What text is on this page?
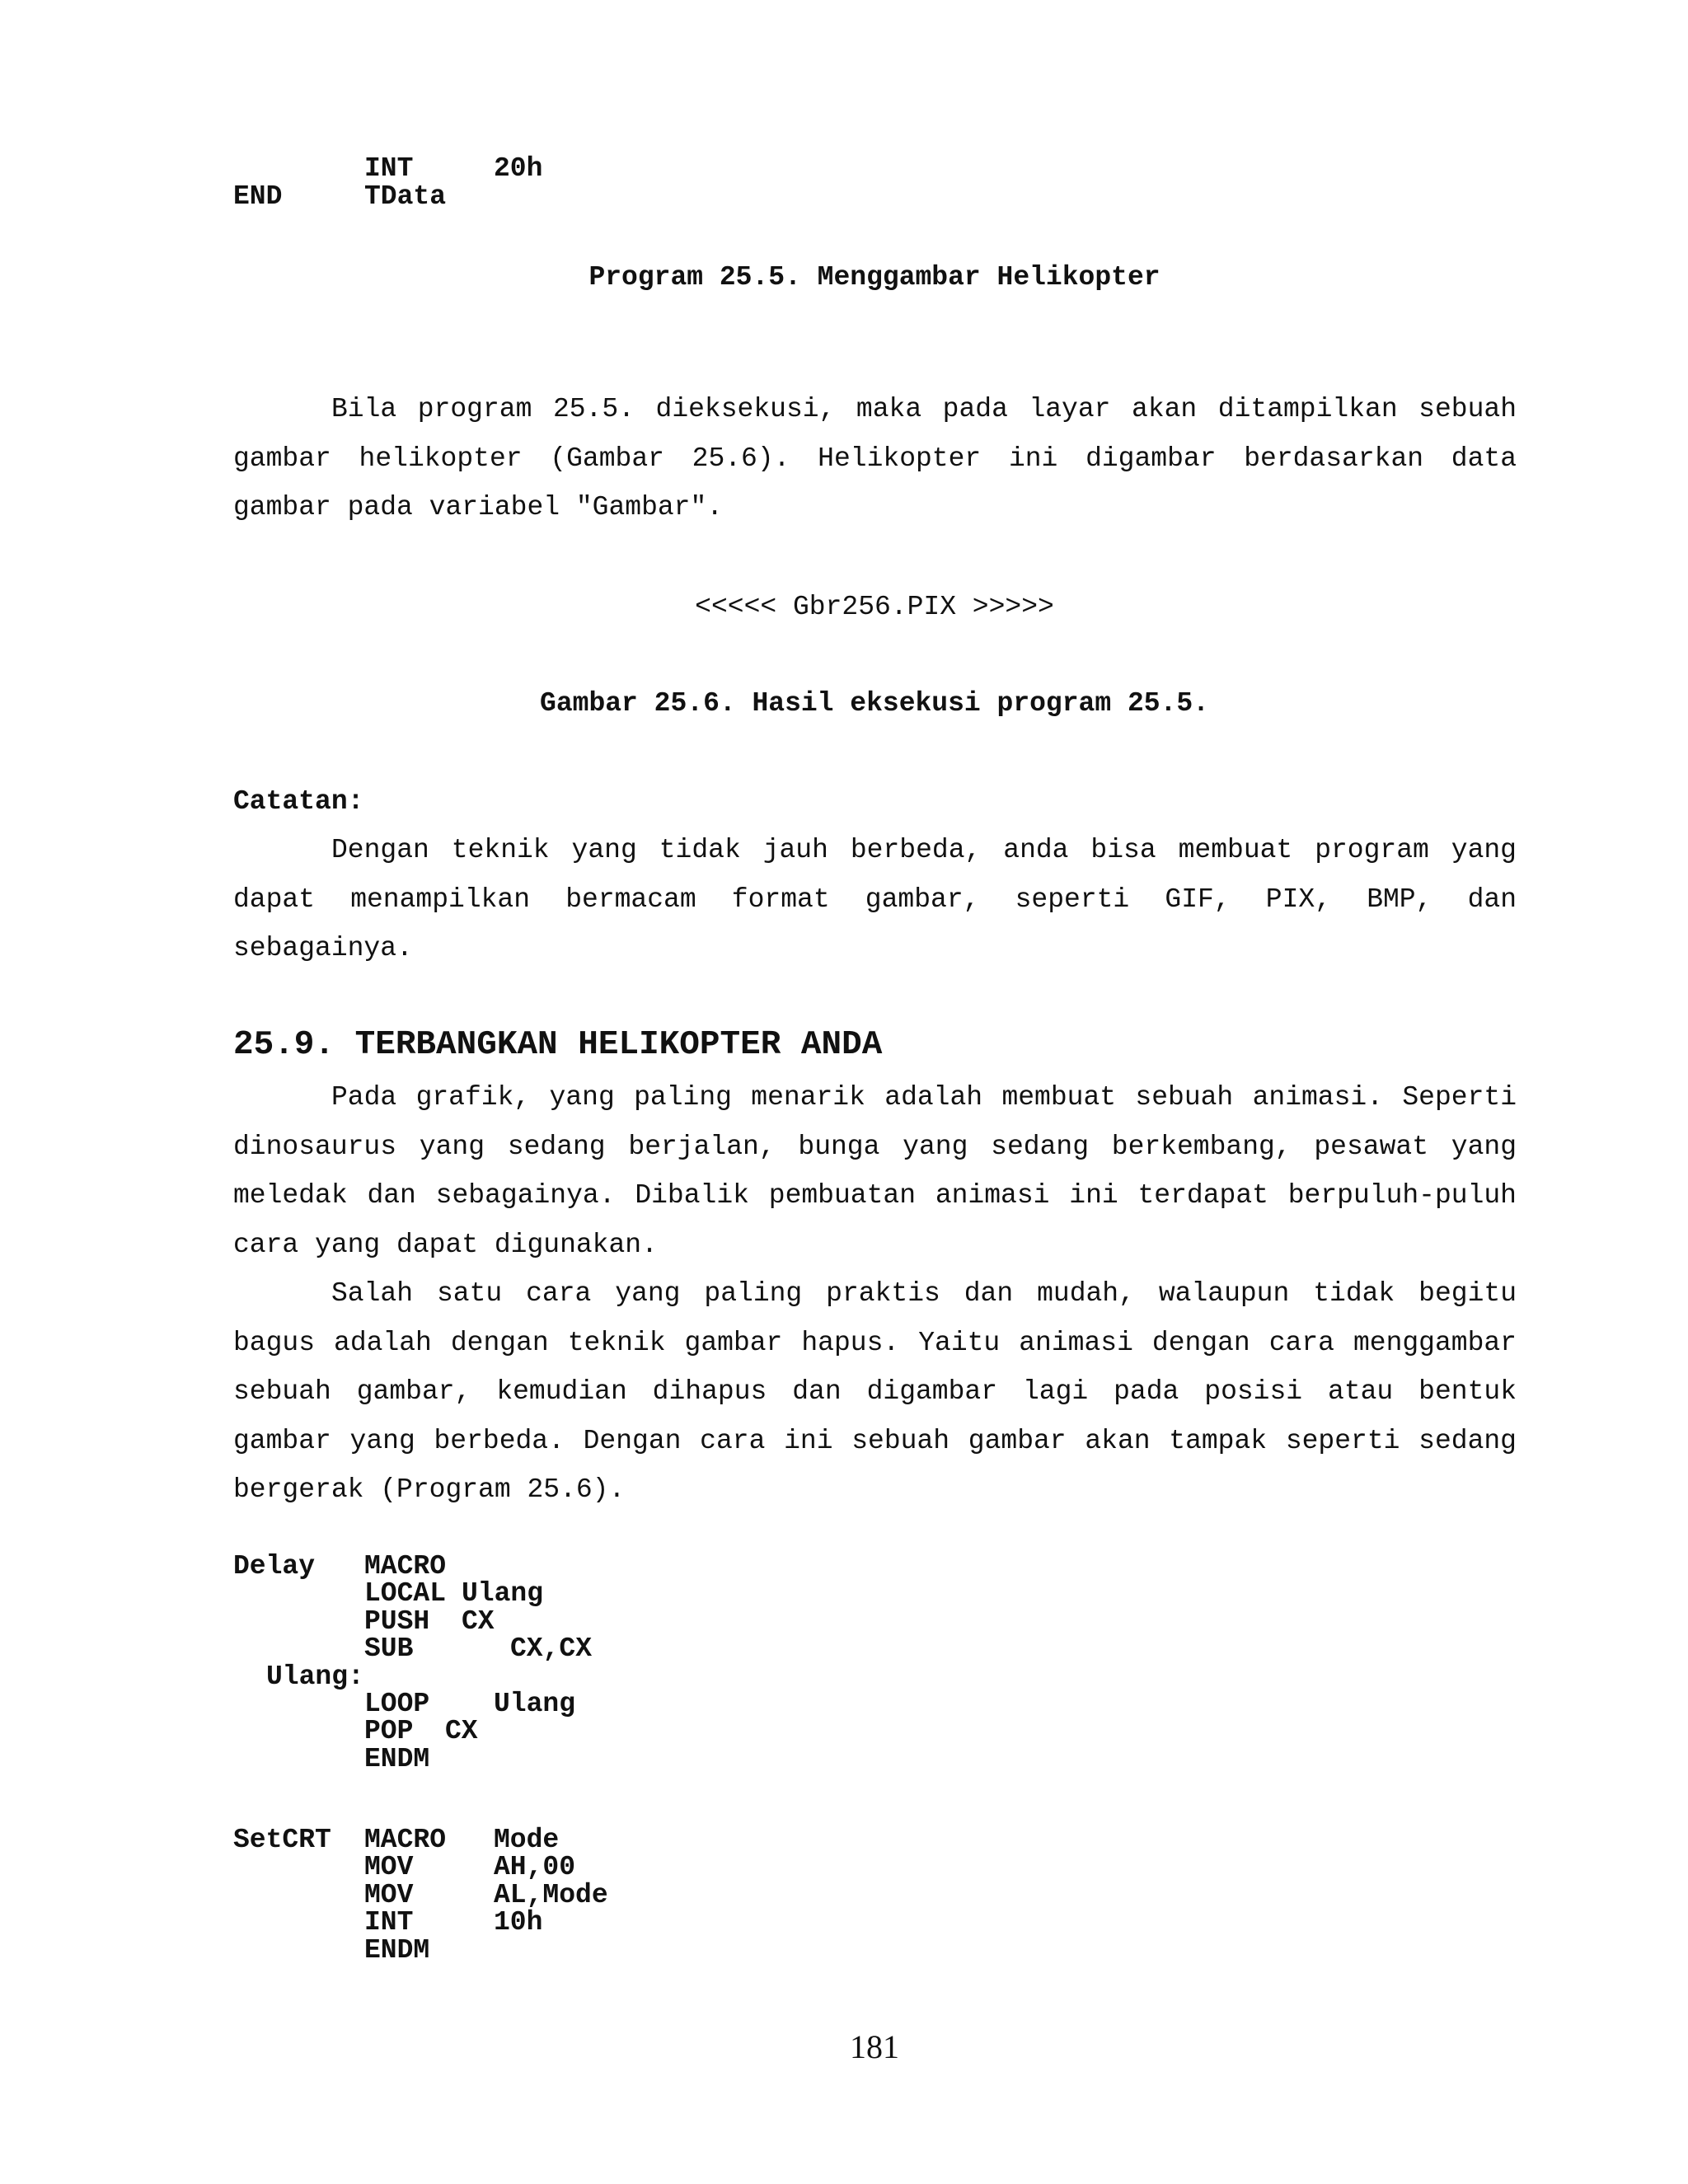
INT	20h
END	TData
Program 25.5. Menggambar Helikopter
Bila program 25.5. dieksekusi, maka pada layar akan ditampilkan sebuah
gambar helikopter (Gambar 25.6). Helikopter ini digambar berdasarkan data
gambar pada variabel "Gambar".
<<<<< Gbr256.PIX >>>>>
Gambar 25.6. Hasil eksekusi program 25.5.
Catatan:
Dengan teknik yang tidak jauh berbeda, anda bisa membuat program yang
dapat menampilkan bermacam format gambar, seperti GIF, PIX, BMP, dan
sebagainya.
25.9. TERBANGKAN HELIKOPTER ANDA
Pada grafik, yang paling menarik adalah membuat sebuah animasi. Seperti
dinosaurus yang sedang berjalan, bunga yang sedang berkembang, pesawat yang
meledak dan sebagainya. Dibalik pembuatan animasi ini terdapat berpuluh-puluh
cara yang dapat digunakan.
Salah satu cara yang paling praktis dan mudah, walaupun tidak begitu
bagus adalah dengan teknik gambar hapus. Yaitu animasi dengan cara menggambar
sebuah gambar, kemudian dihapus dan digambar lagi pada posisi atau bentuk
gambar yang berbeda. Dengan cara ini sebuah gambar akan tampak seperti sedang
bergerak (Program 25.6).
Delay MACRO
LOCAL Ulang
PUSH CX
SUB	CX,CX
Ulang:
LOOP Ulang
POP CX
ENDM
SetCRT MACRO Mode
MOV	AH,00
MOV	AL,Mode
INT	10h
ENDM
181
